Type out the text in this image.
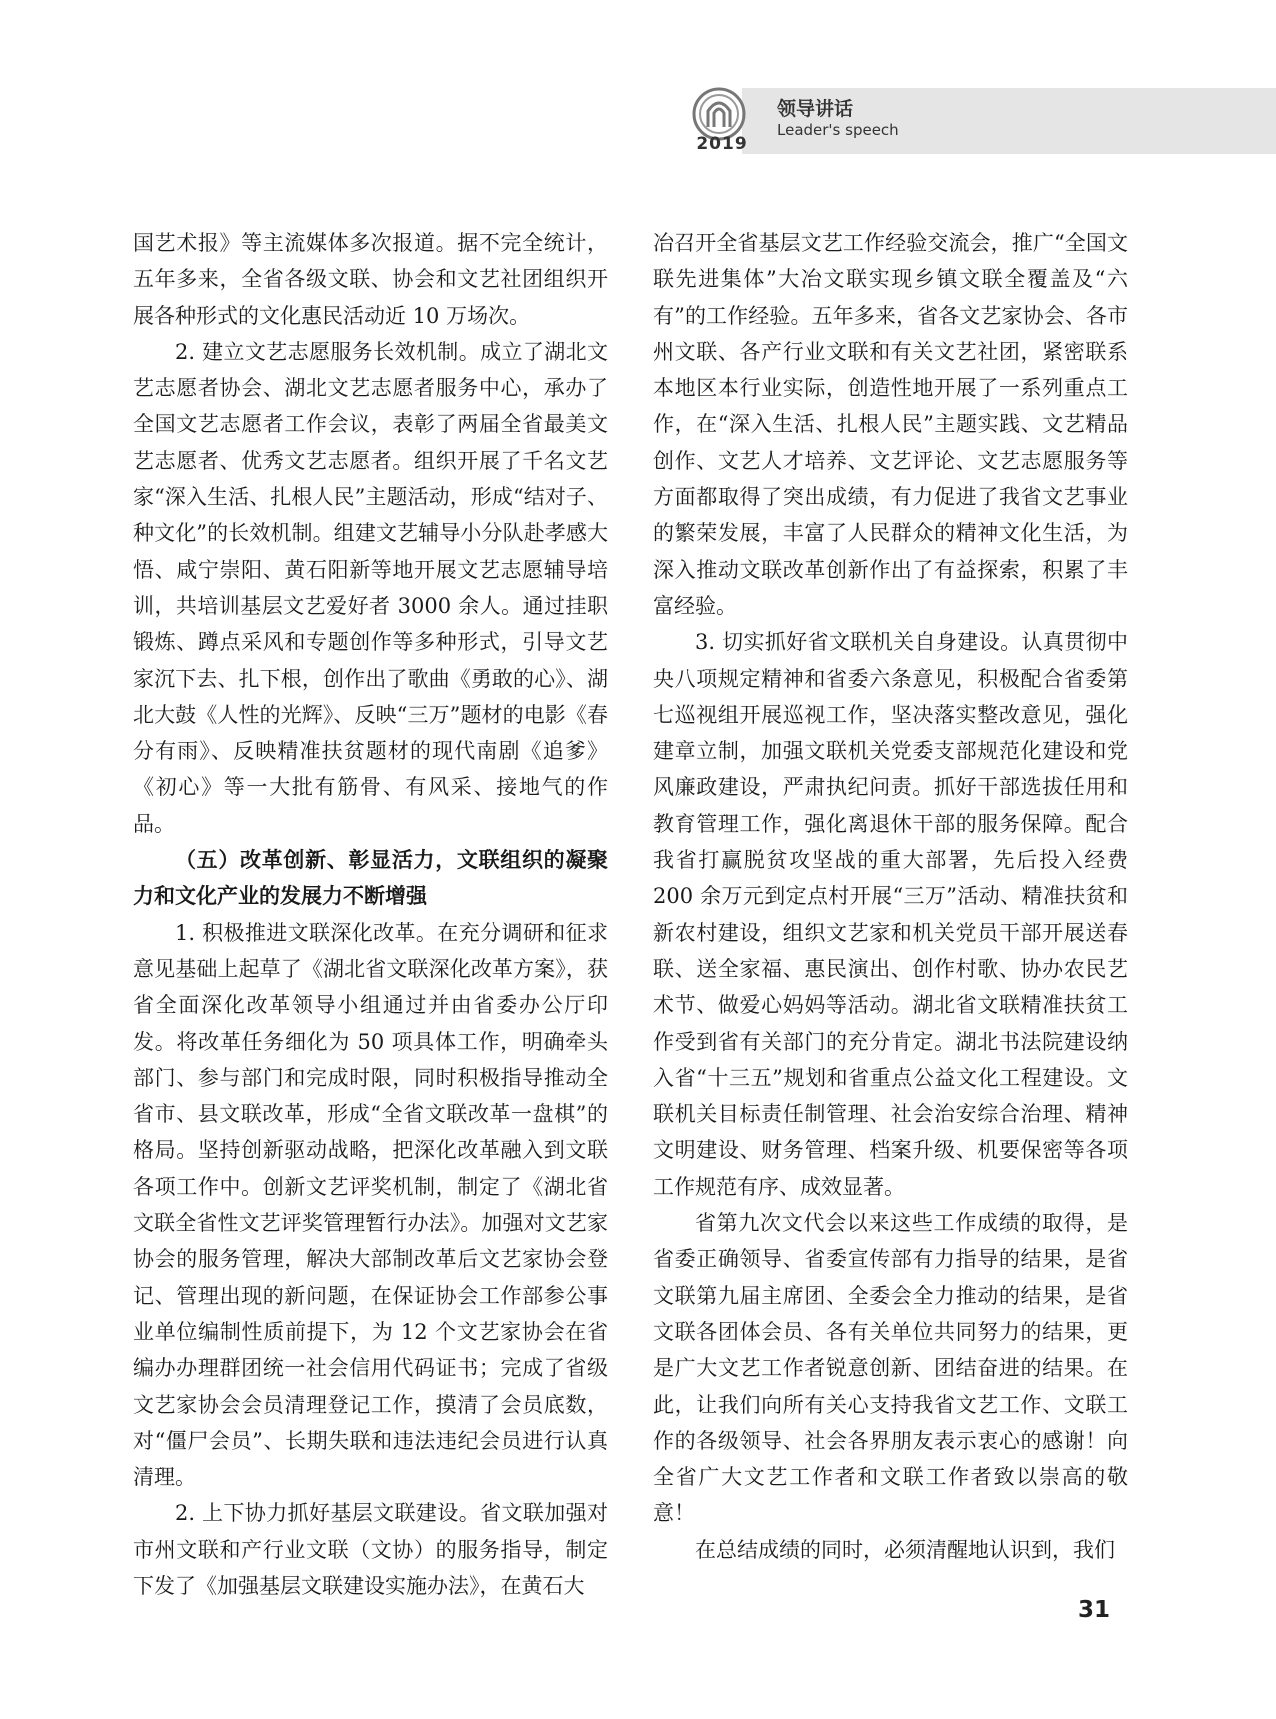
2019
领导讲话
Leader's speech

国艺术报》等主流媒体多次报道。据不完全统计，五年多来，全省各级文联、协会和文艺社团组织开展各种形式的文化惠民活动近 10 万场次。

2. 建立文艺志愿服务长效机制。成立了湖北文艺志愿者协会、湖北文艺志愿者服务中心，承办了全国文艺志愿者工作会议，表彰了两届全省最美文艺志愿者、优秀文艺志愿者。组织开展了千名文艺家“深入生活、扎根人民”主题活动，形成“结对子、种文化”的长效机制。组建文艺辅导小分队赴孝感大悟、咸宁崇阳、黄石阳新等地开展文艺志愿辅导培训，共培训基层文艺爱好者 3000 余人。通过挂职锻炼、蹲点采风和专题创作等多种形式，引导文艺家沉下去、扎下根，创作出了歌曲《勇敢的心》、湖北大鼓《人性的光辉》、反映“三万”题材的电影《春分有雨》、反映精准扶贫题材的现代南剧《追爹》《初心》等一大批有筋骨、有风采、接地气的作品。

（五）改革创新、彰显活力，文联组织的凝聚力和文化产业的发展力不断增强

1. 积极推进文联深化改革。在充分调研和征求意见基础上起草了《湖北省文联深化改革方案》，获省全面深化改革领导小组通过并由省委办公厅印发。将改革任务细化为 50 项具体工作，明确牵头部门、参与部门和完成时限，同时积极指导推动全省市、县文联改革，形成“全省文联改革一盘棋”的格局。坚持创新驱动战略，把深化改革融入到文联各项工作中。创新文艺评奖机制，制定了《湖北省文联全省性文艺评奖管理暂行办法》。加强对文艺家协会的服务管理，解决大部制改革后文艺家协会登记、管理出现的新问题，在保证协会工作部参公事业单位编制性质前提下，为 12 个文艺家协会在省编办办理群团统一社会信用代码证书；完成了省级文艺家协会会员清理登记工作，摸清了会员底数，对“僵尸会员”、长期失联和违法违纪会员进行认真清理。

2. 上下协力抓好基层文联建设。省文联加强对市州文联和产行业文联（文协）的服务指导，制定下发了《加强基层文联建设实施办法》，在黄石大

冶召开全省基层文艺工作经验交流会，推广“全国文联先进集体”大冶文联实现乡镇文联全覆盖及“六有”的工作经验。五年多来，省各文艺家协会、各市州文联、各产行业文联和有关文艺社团，紧密联系本地区本行业实际，创造性地开展了一系列重点工作，在“深入生活、扎根人民”主题实践、文艺精品创作、文艺人才培养、文艺评论、文艺志愿服务等方面都取得了突出成绩，有力促进了我省文艺事业的繁荣发展，丰富了人民群众的精神文化生活，为深入推动文联改革创新作出了有益探索，积累了丰富经验。

3. 切实抓好省文联机关自身建设。认真贯彻中央八项规定精神和省委六条意见，积极配合省委第七巡视组开展巡视工作，坚决落实整改意见，强化建章立制，加强文联机关党委支部规范化建设和党风廉政建设，严肃执纪问责。抓好干部选拔任用和教育管理工作，强化离退休干部的服务保障。配合我省打赢脱贫攻坚战的重大部署，先后投入经费 200 余万元到定点村开展“三万”活动、精准扶贫和新农村建设，组织文艺家和机关党员干部开展送春联、送全家福、惠民演出、创作村歌、协办农民艺术节、做爱心妈妈等活动。湖北省文联精准扶贫工作受到省有关部门的充分肯定。湖北书法院建设纳入省“十三五”规划和省重点公益文化工程建设。文联机关目标责任制管理、社会治安综合治理、精神文明建设、财务管理、档案升级、机要保密等各项工作规范有序、成效显著。

省第九次文代会以来这些工作成绩的取得，是省委正确领导、省委宣传部有力指导的结果，是省文联第九届主席团、全委会全力推动的结果，是省文联各团体会员、各有关单位共同努力的结果，更是广大文艺工作者锐意创新、团结奋进的结果。在此，让我们向所有关心支持我省文艺工作、文联工作的各级领导、社会各界朋友表示衷心的感谢！向全省广大文艺工作者和文联工作者致以崇高的敬意！

在总结成绩的同时，必须清醒地认识到，我们

31
